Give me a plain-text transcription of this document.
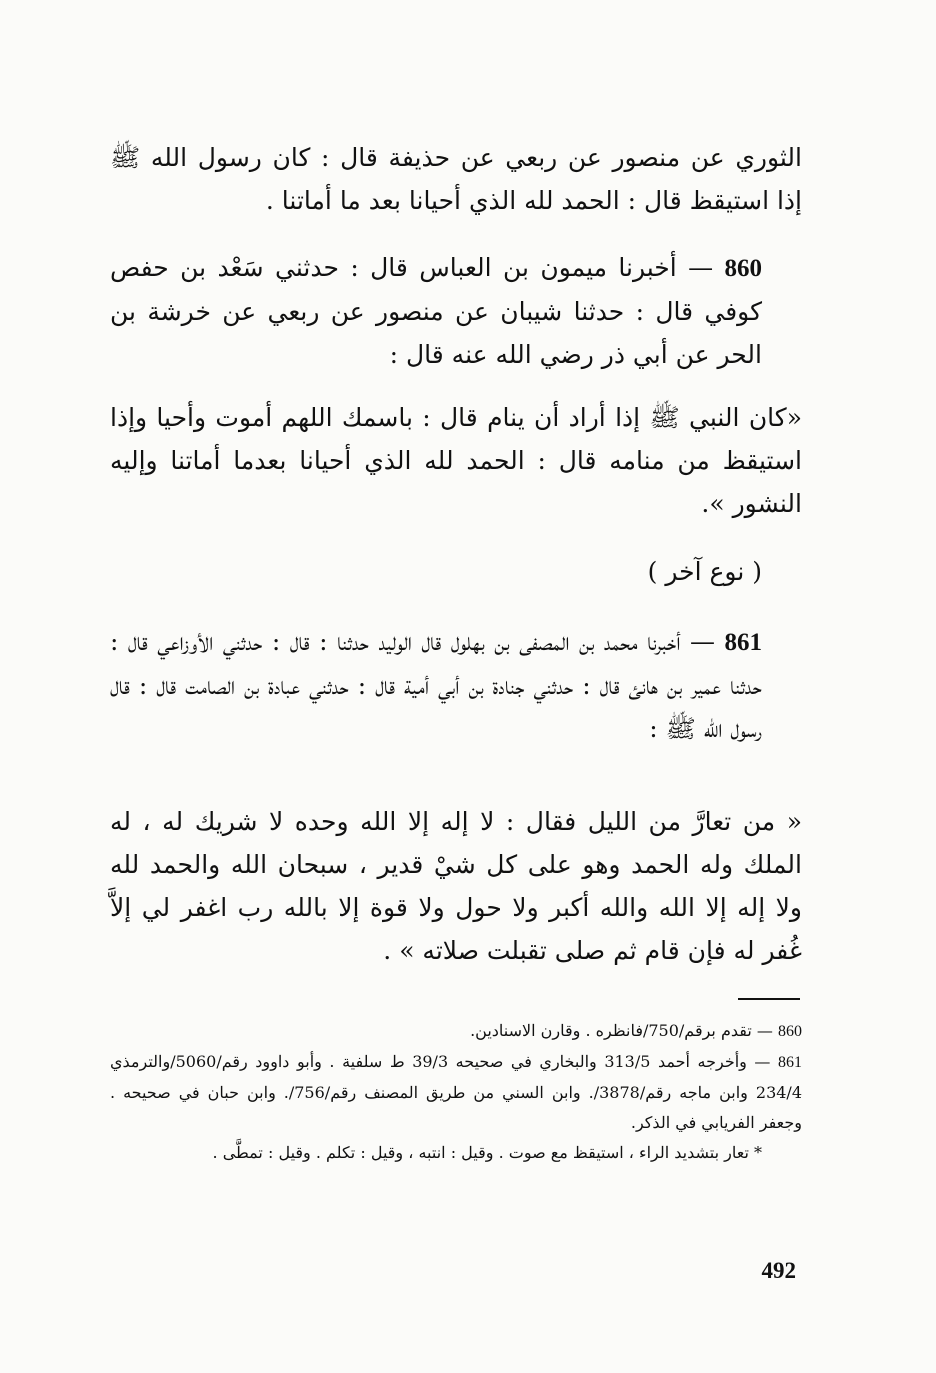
الثوري عن منصور عن ربعي عن حذيفة قال : كان رسول الله ﷺ إذا استيقظ قال : الحمد لله الذي أحيانا بعد ما أماتنا .

860 — أخبرنا ميمون بن العباس قال : حدثني سَعْد بن حفص كوفي قال : حدثنا شيبان عن منصور عن ربعي عن خرشة بن الحر عن أبي ذر رضي الله عنه قال :

«كان النبي ﷺ إذا أراد أن ينام قال : باسمك اللهم أموت وأحيا وإذا استيقظ من منامه قال : الحمد لله الذي أحيانا بعدما أماتنا وإليه النشور ».

( نوع آخر )

861 — أخبرنا محمد بن المصفى بن بهلول قال الوليد حدثنا : قال : حدثني الأوزاعي قال : حدثنا عمير بن هانئ قال : حدثني جنادة بن أبي أمية قال : حدثني عبادة بن الصامت قال : قال رسول الله ﷺ :

« من تعارَّ من الليل فقال : لا إله إلا الله وحده لا شريك له ، له الملك وله الحمد وهو على كل شيْ قدير ، سبحان الله والحمد لله ولا إله إلا الله والله أكبر ولا حول ولا قوة إلا بالله رب اغفر لي إلاَّ غُفر له فإن قام ثم صلى تقبلت صلاته » .

860 — تقدم برقم/750/فانظره . وقارن الاسنادين.

861 — وأخرجه أحمد 313/5 والبخاري في صحيحه 39/3 ط سلفية . وأبو داوود رقم/5060/والترمذي 234/4 وابن ماجه رقم/3878/. وابن السني من طريق المصنف رقم/756/. وابن حبان في صحيحه . وجعفر الفريابي في الذكر.

* تعار بتشديد الراء ، استيقظ مع صوت . وقيل : انتبه ، وقيل : تكلم . وقيل : تمطَّى .

492
